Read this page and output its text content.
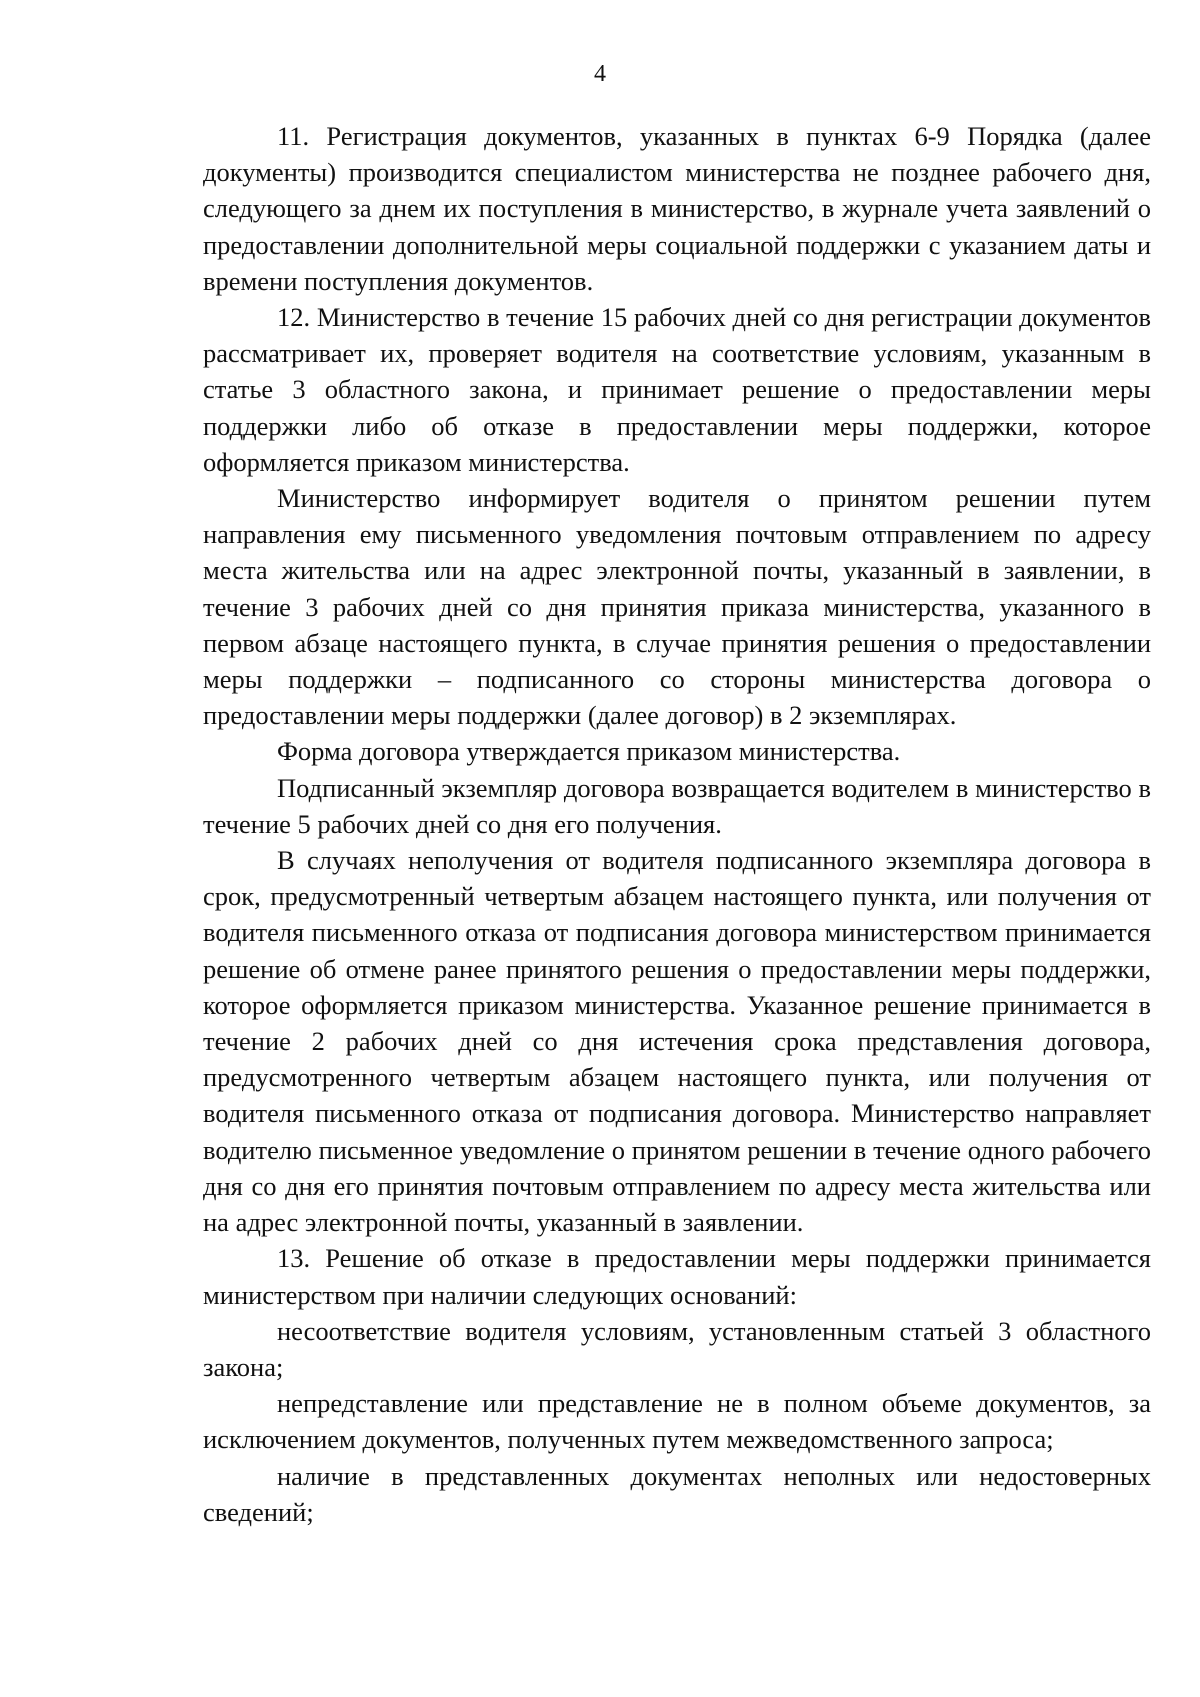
4

11. Регистрация документов, указанных в пунктах 6-9 Порядка (далее документы) производится специалистом министерства не позднее рабочего дня, следующего за днем их поступления в министерство, в журнале учета заявлений о предоставлении дополнительной меры социальной поддержки с указанием даты и времени поступления документов.

12. Министерство в течение 15 рабочих дней со дня регистрации документов рассматривает их, проверяет водителя на соответствие условиям, указанным в статье 3 областного закона, и принимает решение о предоставлении меры поддержки либо об отказе в предоставлении меры поддержки, которое оформляется приказом министерства.

Министерство информирует водителя о принятом решении путем направления ему письменного уведомления почтовым отправлением по адресу места жительства или на адрес электронной почты, указанный в заявлении, в течение 3 рабочих дней со дня принятия приказа министерства, указанного в первом абзаце настоящего пункта, в случае принятия решения о предоставлении меры поддержки – подписанного со стороны министерства договора о предоставлении меры поддержки (далее договор) в 2 экземплярах.

Форма договора утверждается приказом министерства.

Подписанный экземпляр договора возвращается водителем в министерство в течение 5 рабочих дней со дня его получения.

В случаях неполучения от водителя подписанного экземпляра договора в срок, предусмотренный четвертым абзацем настоящего пункта, или получения от водителя письменного отказа от подписания договора министерством принимается решение об отмене ранее принятого решения о предоставлении меры поддержки, которое оформляется приказом министерства. Указанное решение принимается в течение 2 рабочих дней со дня истечения срока представления договора, предусмотренного четвертым абзацем настоящего пункта, или получения от водителя письменного отказа от подписания договора. Министерство направляет водителю письменное уведомление о принятом решении в течение одного рабочего дня со дня его принятия почтовым отправлением по адресу места жительства или на адрес электронной почты, указанный в заявлении.

13. Решение об отказе в предоставлении меры поддержки принимается министерством при наличии следующих оснований:

несоответствие водителя условиям, установленным статьей 3 областного закона;

непредставление или представление не в полном объеме документов, за исключением документов, полученных путем межведомственного запроса;

наличие в представленных документах неполных или недостоверных сведений;
